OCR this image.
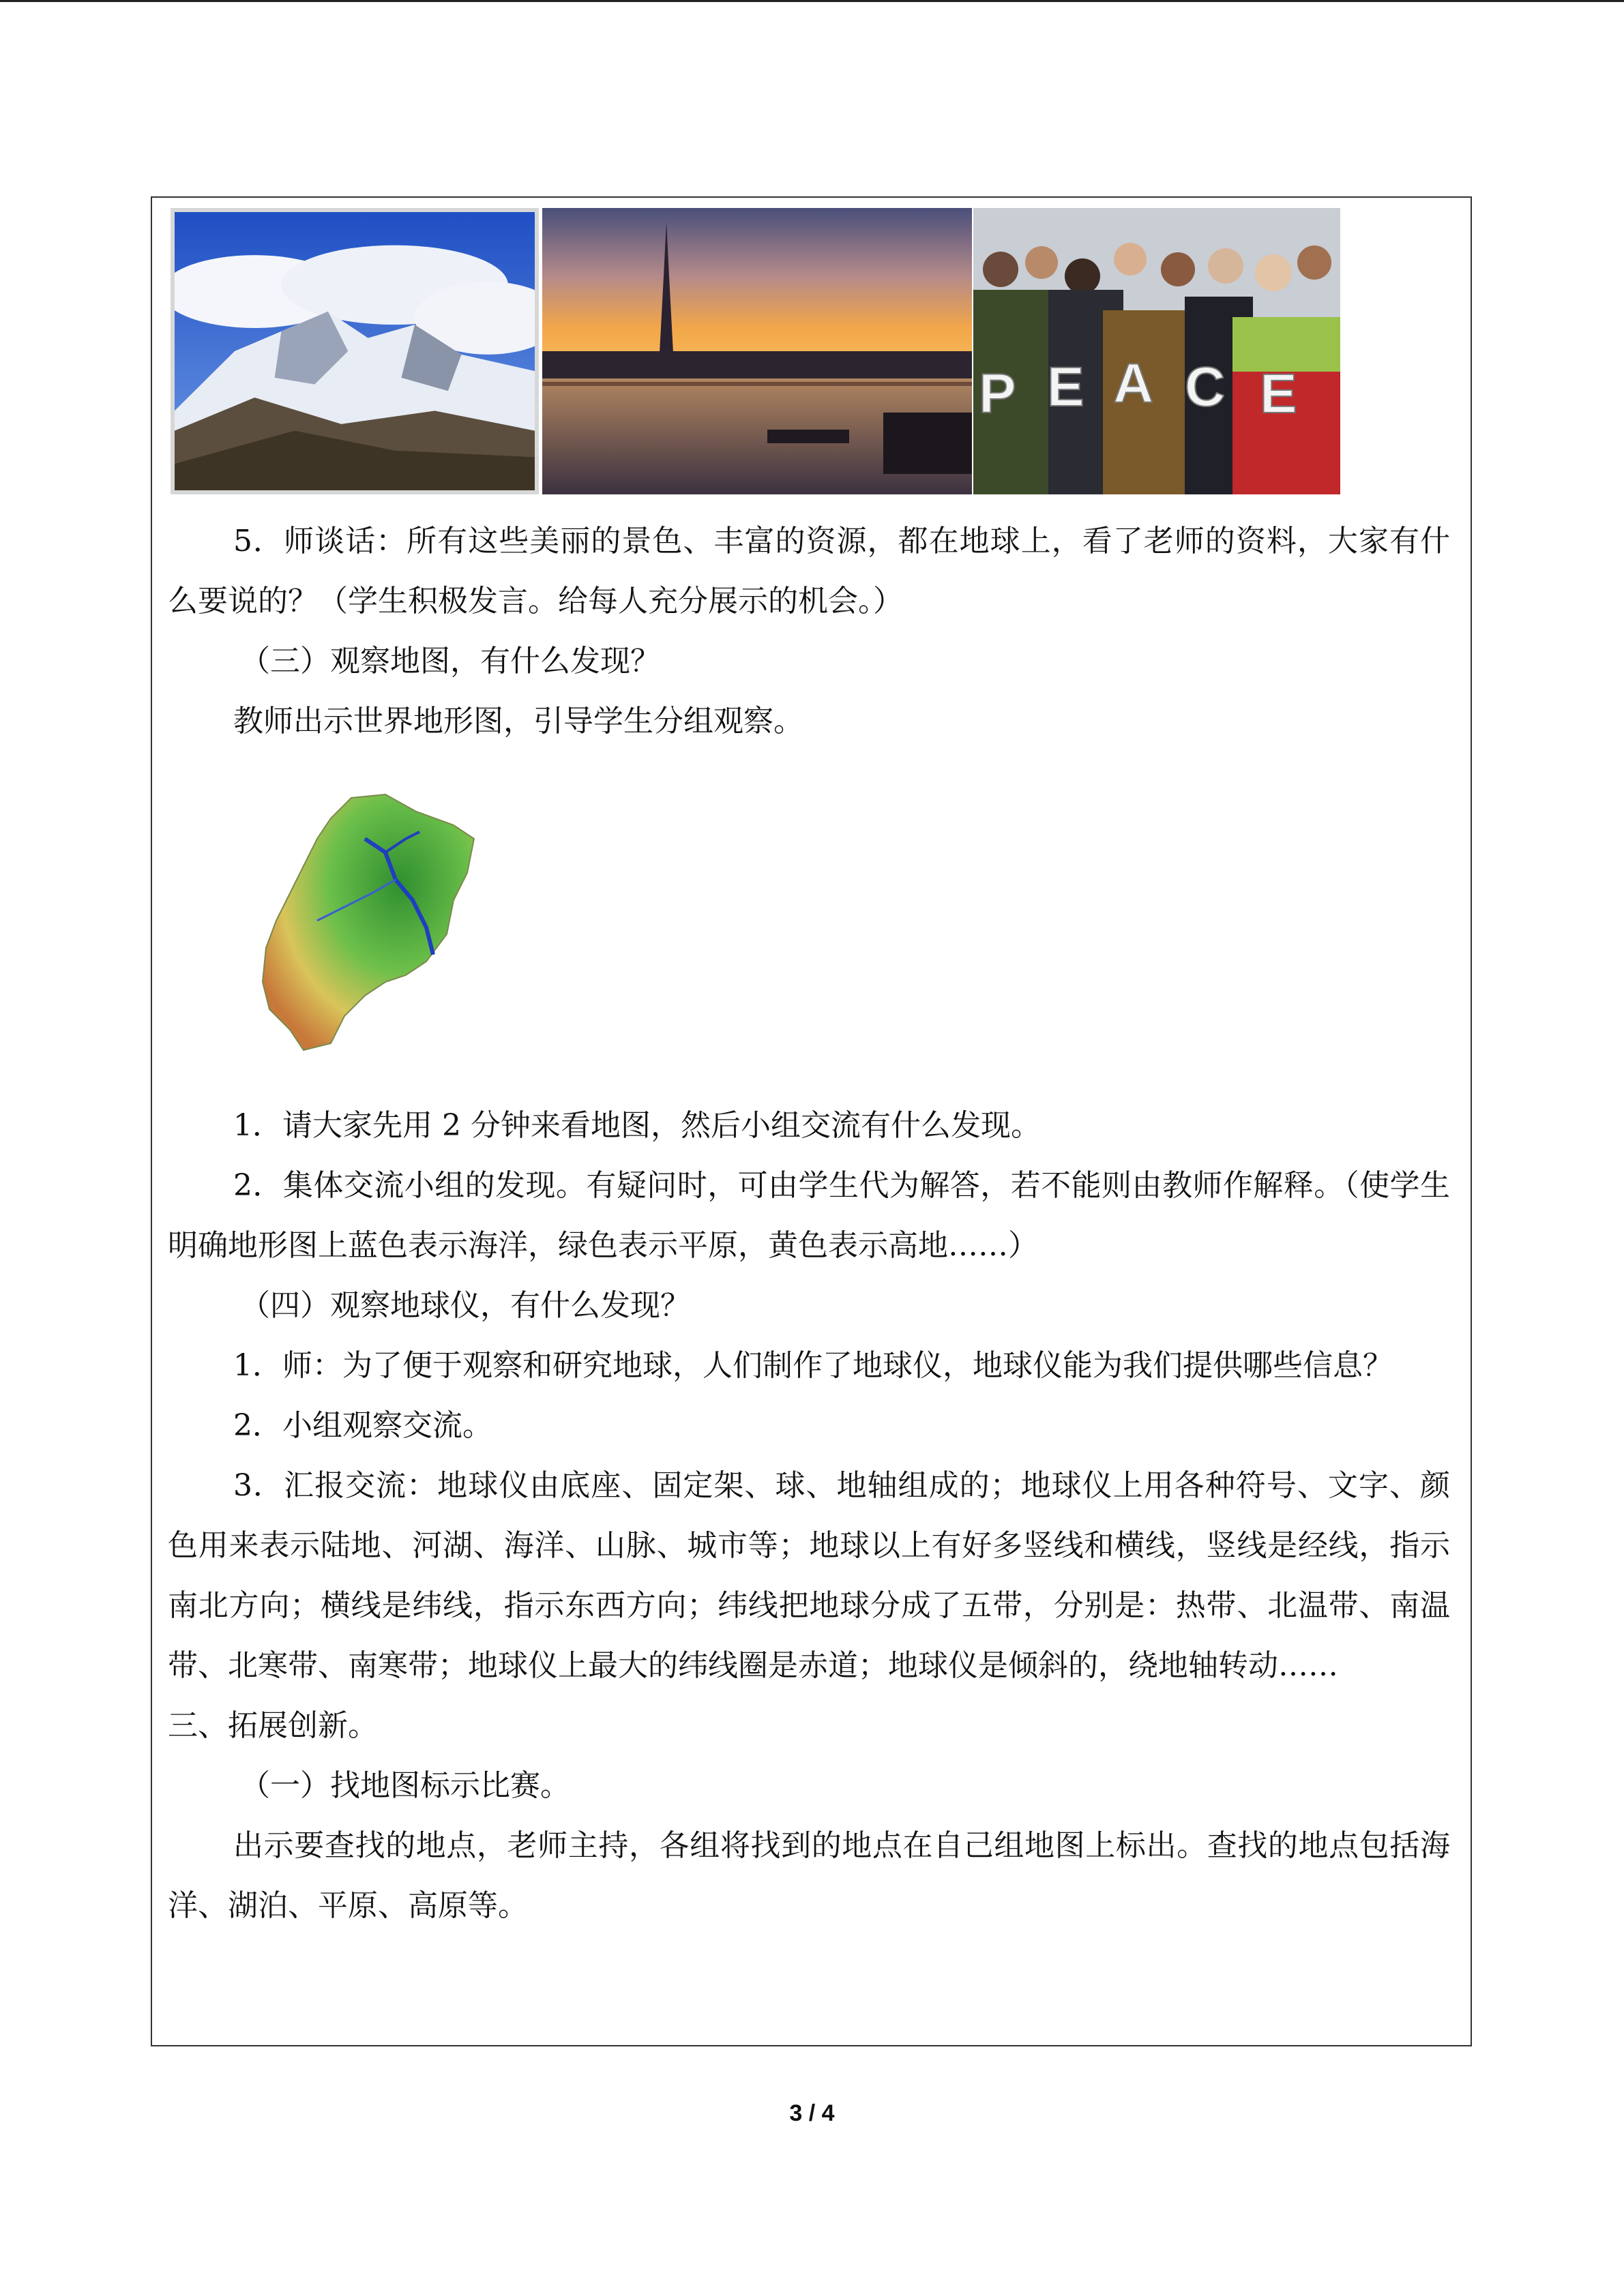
P E A C E

5．师谈话：所有这些美丽的景色、丰富的资源，都在地球上，看了老师的资料，大家有什么要说的？（学生积极发言。给每人充分展示的机会。）

（三）观察地图，有什么发现？

教师出示世界地形图，引导学生分组观察。

1．请大家先用 2 分钟来看地图，然后小组交流有什么发现。

2．集体交流小组的发现。有疑问时，可由学生代为解答，若不能则由教师作解释。（使学生明确地形图上蓝色表示海洋，绿色表示平原，黄色表示高地……）

（四）观察地球仪，有什么发现？

1．师：为了便于观察和研究地球，人们制作了地球仪，地球仪能为我们提供哪些信息？

2．小组观察交流。

3．汇报交流：地球仪由底座、固定架、球、地轴组成的；地球仪上用各种符号、文字、颜色用来表示陆地、河湖、海洋、山脉、城市等；地球以上有好多竖线和横线，竖线是经线，指示南北方向；横线是纬线，指示东西方向；纬线把地球分成了五带，分别是：热带、北温带、南温带、北寒带、南寒带；地球仪上最大的纬线圈是赤道；地球仪是倾斜的，绕地轴转动……

三、拓展创新。

（一）找地图标示比赛。

出示要查找的地点，老师主持，各组将找到的地点在自己组地图上标出。查找的地点包括海洋、湖泊、平原、高原等。

3 / 4
